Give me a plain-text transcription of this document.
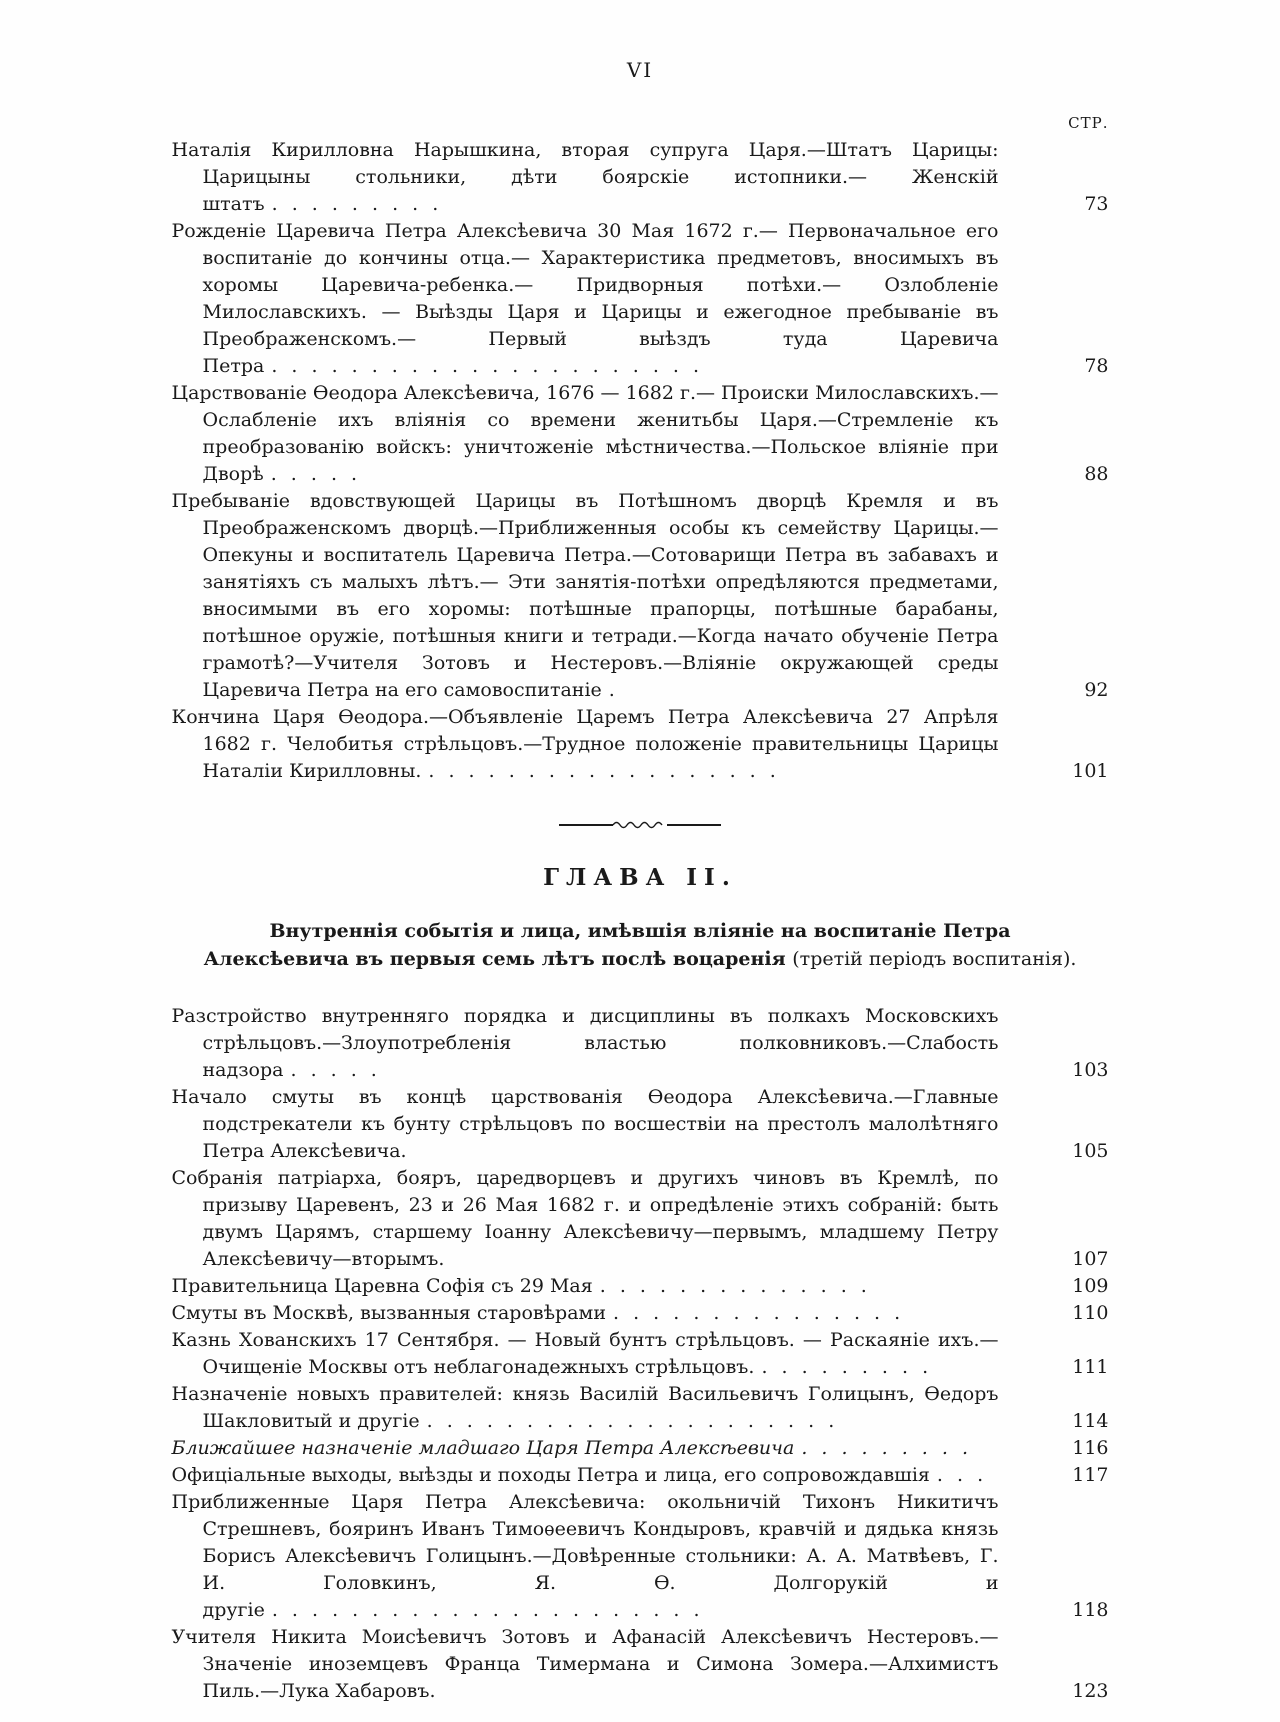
VI
СТР.
Наталія Кирилловна Нарышкина, вторая супруга Царя.—Штатъ Царицы: Царицыны стольники, дѣти боярскіе истопники.— Женскій штатъ . . . . . . . . .	73
Рожденіе Царевича Петра Алексѣевича 30 Мая 1672 г.— Первоначальное его воспитаніе до кончины отца.— Характеристика предметовъ, вносимыхъ въ хоромы Царевича-ребенка.— Придворныя потѣхи.— Озлобленіе Милославскихъ. — Выѣзды Царя и Царицы и ежегодное пребываніе въ Преображенскомъ.— Первый выѣздъ туда Царевича Петра . . . . . . . . . . . . . . . . . . . . . .	78
Царствованіе Ѳеодора Алексѣевича, 1676 — 1682 г.— Происки Милославскихъ.— Ослабленіе ихъ вліянія со времени женитьбы Царя.—Стремленіе къ преобразованію войскъ: уничтоженіе мѣстничества.—Польское вліяніе при Дворѣ . . . . .	88
Пребываніе вдовствующей Царицы въ Потѣшномъ дворцѣ Кремля и въ Преображенскомъ дворцѣ.—Приближенныя особы къ семейству Царицы.— Опекуны и воспитатель Царевича Петра.—Сотоварищи Петра въ забавахъ и занятіяхъ съ малыхъ лѣтъ.— Эти занятія-потѣхи опредѣляются предметами, вносимыми въ его хоромы: потѣшные прапорцы, потѣшные барабаны, потѣшное оружіе, потѣшныя книги и тетради.—Когда начато обученіе Петра грамотѣ?—Учителя Зотовъ и Нестеровъ.—Вліяніе окружающей среды Царевича Петра на его самовоспитаніе .	92
Кончина Царя Ѳеодора.—Объявленіе Царемъ Петра Алексѣевича 27 Апрѣля 1682 г. Челобитья стрѣльцовъ.—Трудное положеніе правительницы Царицы Наталіи Кирилловны. . . . . . . . . . . . . . . . . . .	101
ГЛАВА II.
Внутреннія событія и лица, имѣвшія вліяніе на воспитаніе Петра Алексѣевича въ первыя семь лѣтъ послѣ воцаренія (третій періодъ воспитанія).
Разстройство внутренняго порядка и дисциплины въ полкахъ Московскихъ стрѣльцовъ.—Злоупотребленія властью полковниковъ.—Слабость надзора . . . . .	103
Начало смуты въ концѣ царствованія Ѳеодора Алексѣевича.—Главные подстрекатели къ бунту стрѣльцовъ по восшествіи на престолъ малолѣтняго Петра Алексѣевича.	105
Собранія патріарха, бояръ, царедворцевъ и другихъ чиновъ въ Кремлѣ, по призыву Царевенъ, 23 и 26 Мая 1682 г. и опредѣленіе этихъ собраній: быть двумъ Царямъ, старшему Іоанну Алексѣевичу—первымъ, младшему Петру Алексѣевичу—вторымъ.	107
Правительница Царевна Софія съ 29 Мая . . . . . . . . . . . . . .	109
Смуты въ Москвѣ, вызванныя старовѣрами . . . . . . . . . . . . . . .	110
Казнь Хованскихъ 17 Сентября. — Новый бунтъ стрѣльцовъ. — Раскаяніе ихъ.— Очищеніе Москвы отъ неблагонадежныхъ стрѣльцовъ. . . . . . . . . .	111
Назначеніе новыхъ правителей: князь Василій Васильевичъ Голицынъ, Ѳедоръ Шакловитый и другіе . . . . . . . . . . . . . . . . . . . . .	114
Ближайшее назначеніе младшаго Царя Петра Алексѣевича . . . . . . . . .	116
Офиціальные выходы, выѣзды и походы Петра и лица, его сопровождавшія . . .	117
Приближенные Царя Петра Алексѣевича: окольничій Тихонъ Никитичъ Стрешневъ, бояринъ Иванъ Тимоѳеевичъ Кондыровъ, кравчій и дядька князь Борисъ Алексѣевичъ Голицынъ.—Довѣренные стольники: А. А. Матвѣевъ, Г. И. Головкинъ, Я. Ѳ. Долгорукій и другіе . . . . . . . . . . . . . . . . . . . . . .	118
Учителя Никита Моисѣевичъ Зотовъ и Афанасій Алексѣевичъ Нестеровъ.—Значеніе иноземцевъ Франца Тимермана и Симона Зомера.—Алхимистъ Пиль.—Лука Хабаровъ.	123
